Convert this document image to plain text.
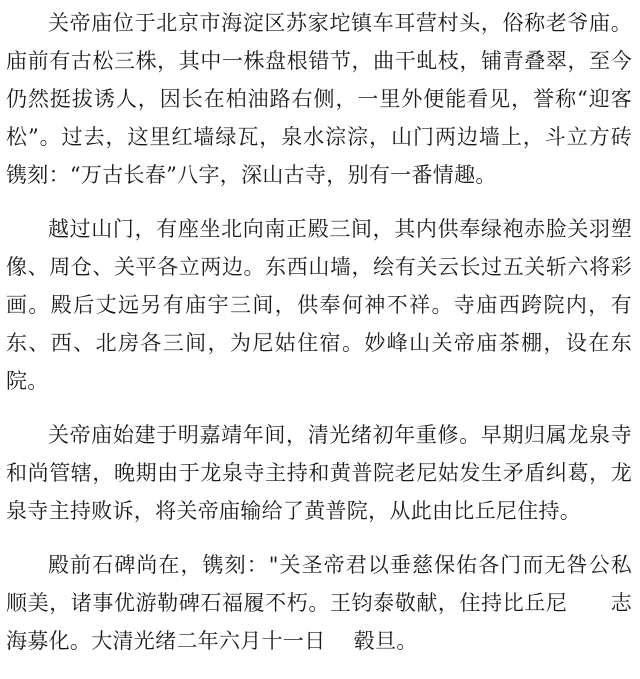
关帝庙位于北京市海淀区苏家坨镇车耳营村头，俗称老爷庙。 庙前有古松三株，其中一株盘根错节，曲干虬枝，铺青叠翠，至今仍然挺拔诱人，因长在柏油路右侧，一里外便能看见，誉称“迎客松”。过去，这里红墙绿瓦，泉水淙淙，山门两边墙上，斗立方砖镌刻：“万古长春”八字，深山古寺，别有一番情趣。

越过山门，有座坐北向南正殿三间，其内供奉绿袍赤脸关羽塑像、周仓、关平各立两边。东西山墙，绘有关云长过五关斩六将彩画。殿后丈远另有庙宇三间，供奉何神不祥。寺庙西跨院内，有东、西、北房各三间，为尼姑住宿。妙峰山关帝庙茶棚，设在东院。

关帝庙始建于明嘉靖年间，清光绪初年重修。早期归属龙泉寺和尚管辖，晚期由于龙泉寺主持和黄普院老尼姑发生矛盾纠葛，龙泉寺主持败诉，将关帝庙输给了黄普院，从此由比丘尼住持。

殿前石碑尚在，镌刻："关圣帝君以垂慈保佑各门而无咎公私顺美，诸事优游勒碑石福履不朽。王钧泰敬献，住持比丘尼　　志海募化。大清光绪二年六月十一日　 毂旦。
